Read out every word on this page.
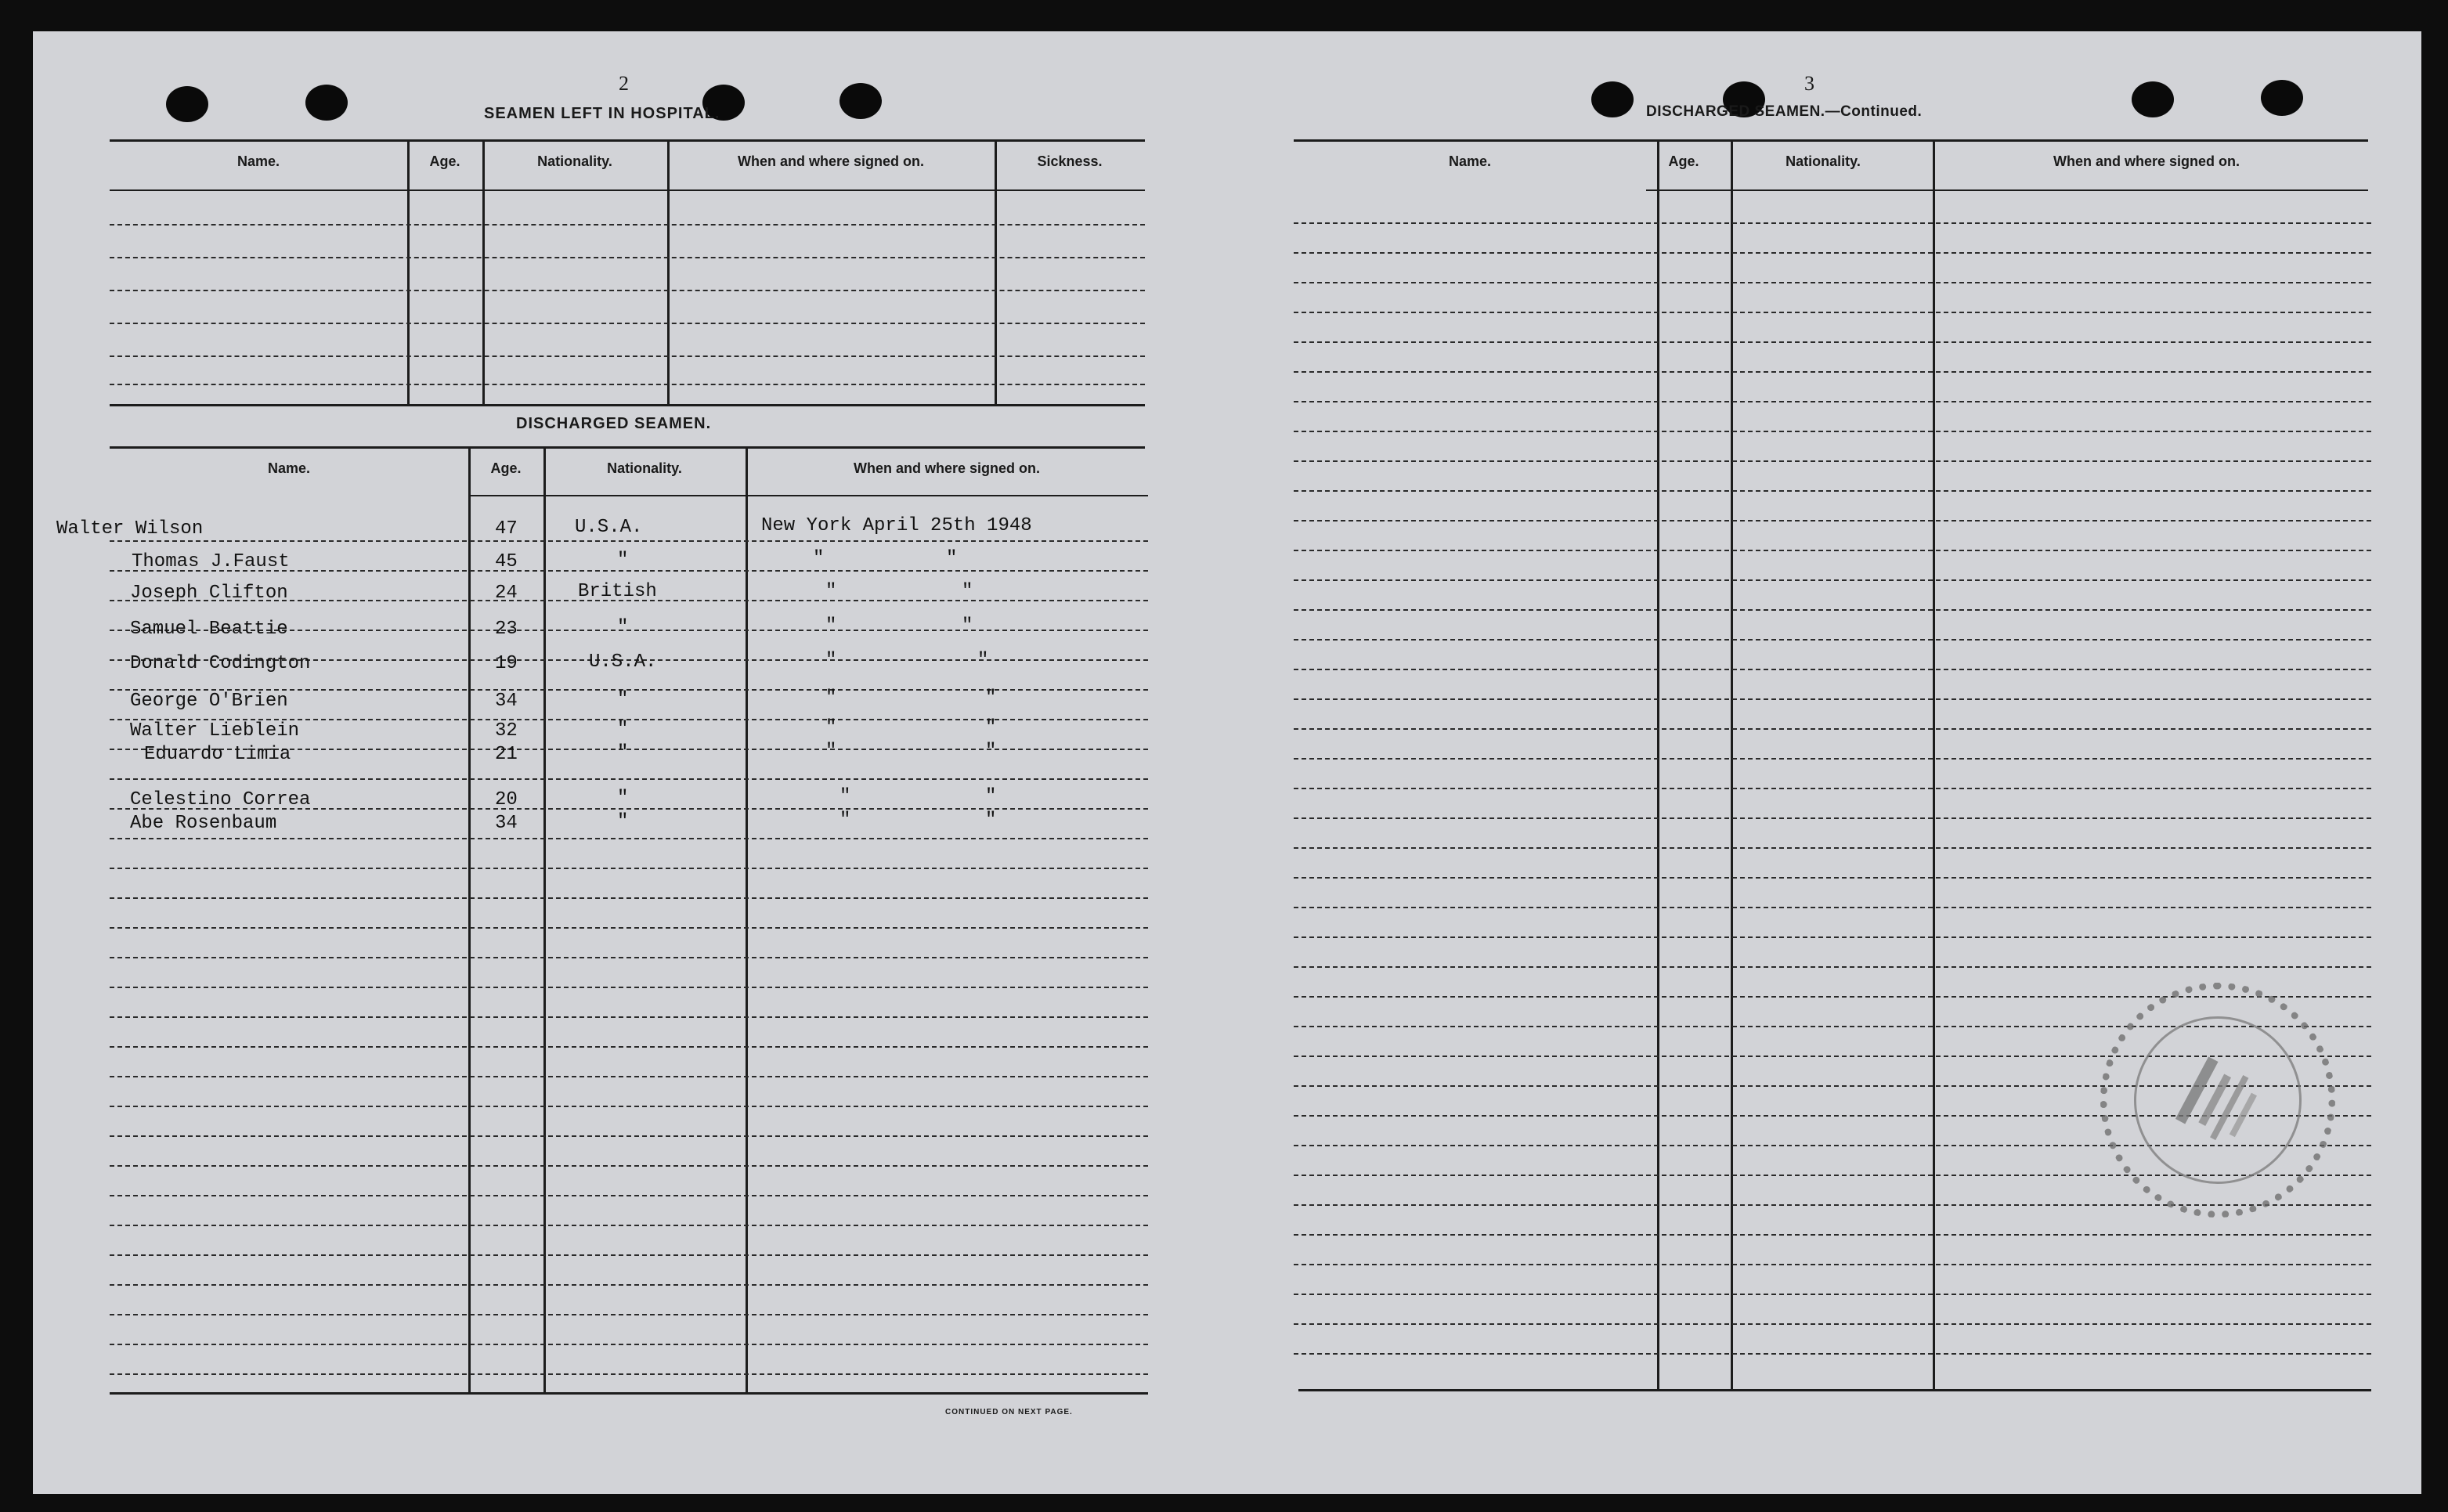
2
SEAMEN LEFT IN HOSPITAL.
Name.	Age.	Nationality.	When and where signed on.	Sickness.
DISCHARGED SEAMEN.
Name.	Age.	Nationality.	When and where signed on.
CONTINUED ON NEXT PAGE.
Walter Wilson	47	U.S.A.	New York April 25th 1948
Thomas J.Faust	45	"	"	"
Joseph Clifton	24	British	"	"
Samuel Beattie	23	"	"	"
Donald Codington	19	U.S.A.	"	"
George O'Brien	34	"	"	"
Walter Lieblein	32	"	"	"
Eduardo Limia	21	"	"	"
Celestino Correa	20	"	"	"
Abe Rosenbaum	34	"	"	"
3
DISCHARGED SEAMEN.—Continued.
Name.	Age.	Nationality.	When and where signed on.
